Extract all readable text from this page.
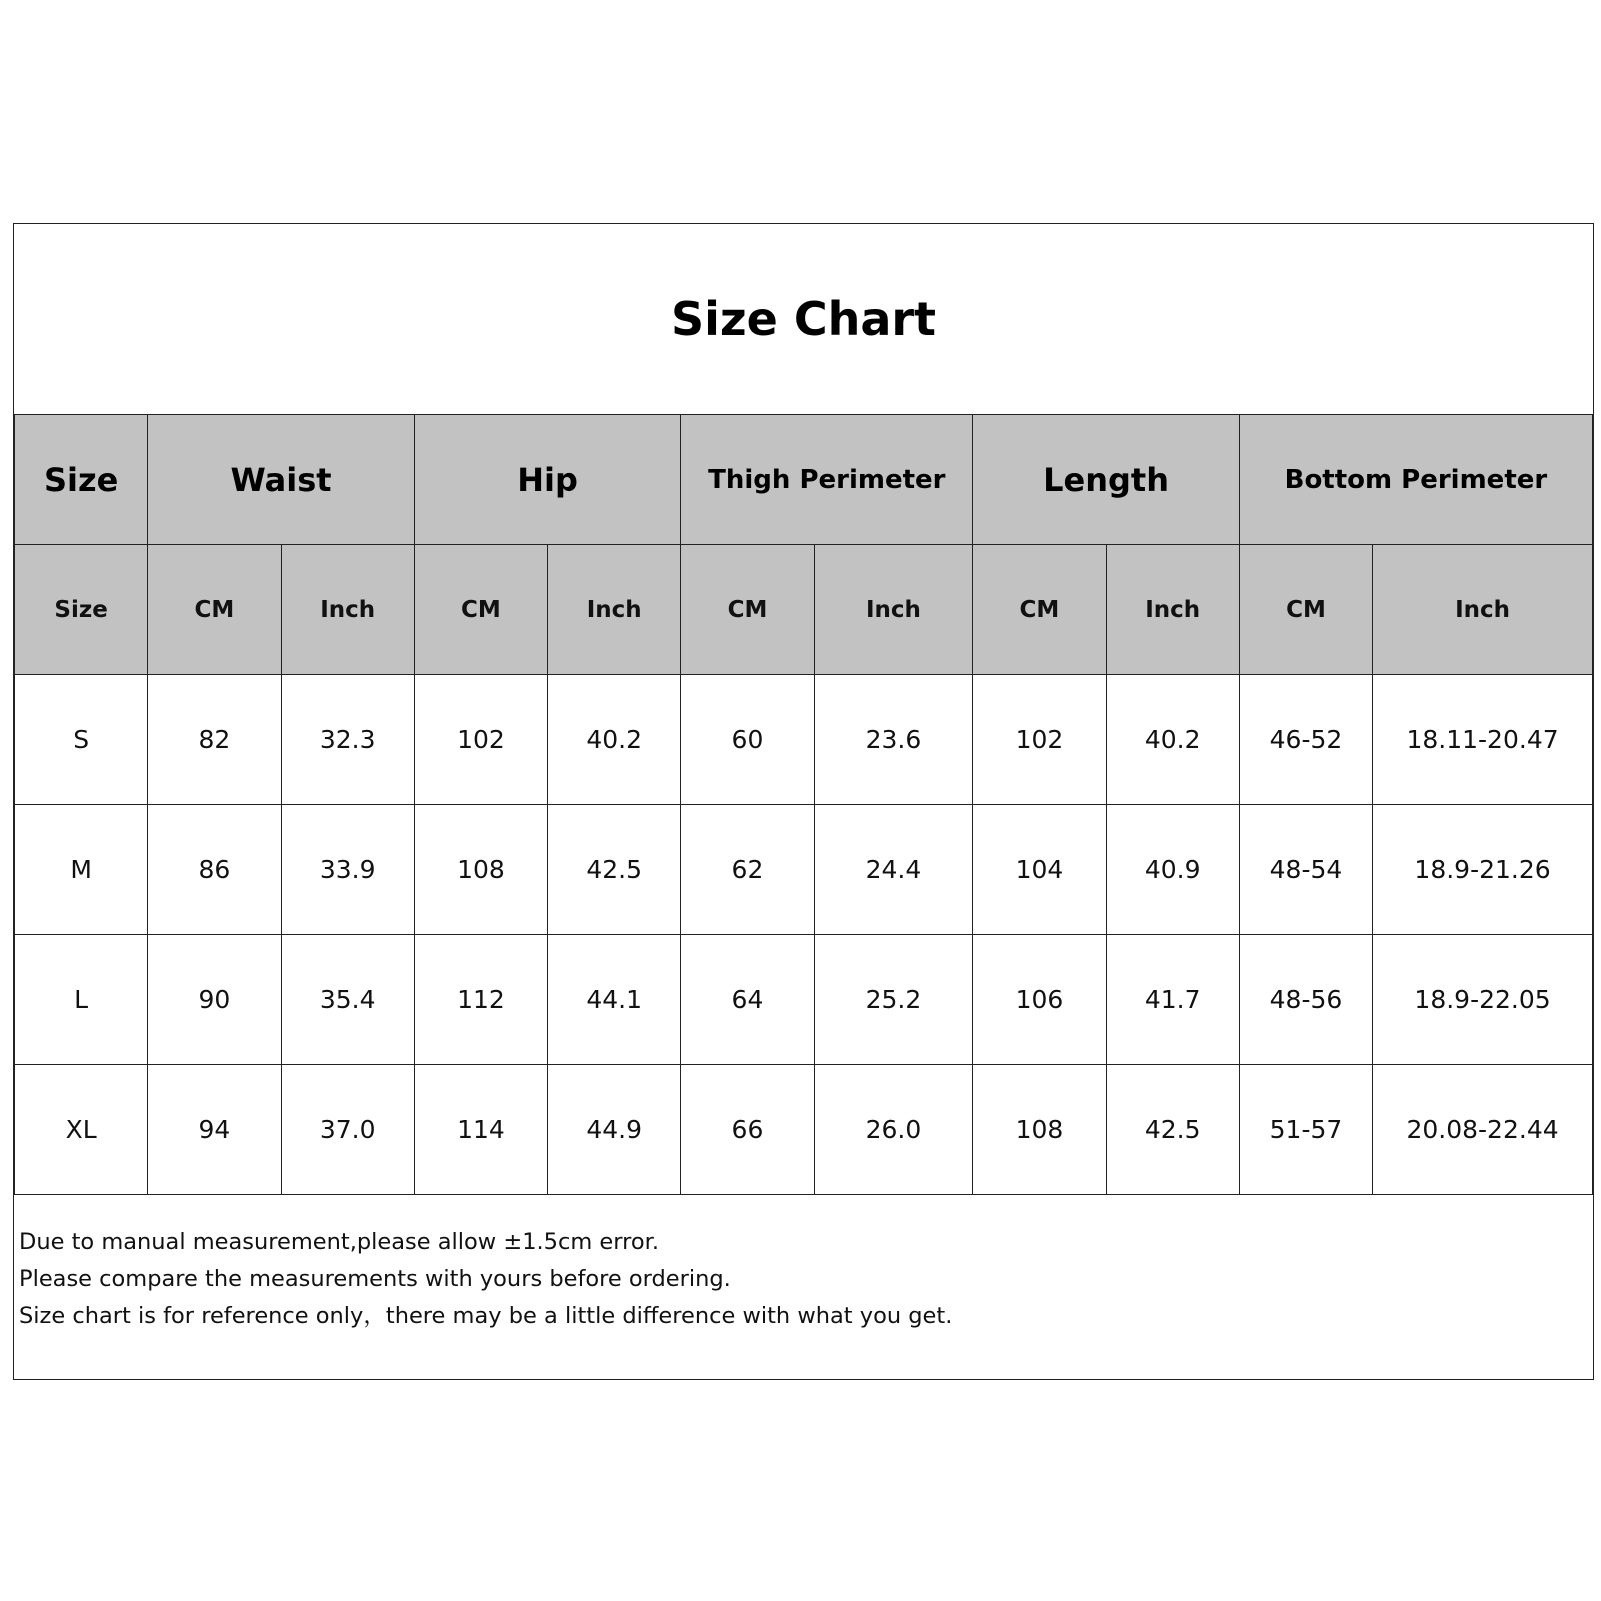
Size Chart
Size	Waist		Hip		Thigh Perimeter		Length		Bottom Perimeter	
Size	CM	Inch	CM	Inch	CM	Inch	CM	Inch	CM	Inch
S	82	32.3	102	40.2	60	23.6	102	40.2	46-52	18.11-20.47
M	86	33.9	108	42.5	62	24.4	104	40.9	48-54	18.9-21.26
L	90	35.4	112	44.1	64	25.2	106	41.7	48-56	18.9-22.05
XL	94	37.0	114	44.9	66	26.0	108	42.5	51-57	20.08-22.44
Due to manual measurement,please allow ±1.5cm error.
Please compare the measurements with yours before ordering.
Size chart is for reference only，there may be a little difference with what you get.
